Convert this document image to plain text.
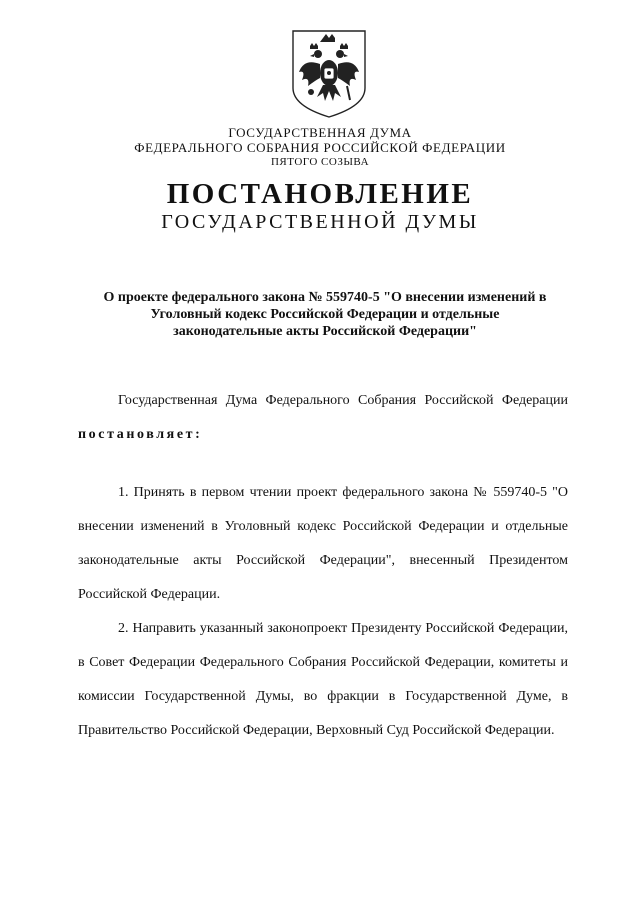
ГОСУДАРСТВЕННАЯ ДУМА
ФЕДЕРАЛЬНОГО СОБРАНИЯ РОССИЙСКОЙ ФЕДЕРАЦИИ
ПЯТОГО СОЗЫВА
ПОСТАНОВЛЕНИЕ
ГОСУДАРСТВЕННОЙ ДУМЫ
О проекте федерального закона № 559740-5 "О внесении изменений в Уголовный кодекс Российской Федерации и отдельные законодательные акты Российской Федерации"
Государственная Дума Федерального Собрания Российской Федерации постановляет:
1. Принять в первом чтении проект федерального закона № 559740-5 "О внесении изменений в Уголовный кодекс Российской Федерации и отдельные законодательные акты Российской Федерации", внесенный Президентом Российской Федерации.
2. Направить указанный законопроект Президенту Российской Федерации, в Совет Федерации Федерального Собрания Российской Федерации, комитеты и комиссии Государственной Думы, во фракции в Государственной Думе, в Правительство Российской Федерации, Верховный Суд Российской Федерации.
